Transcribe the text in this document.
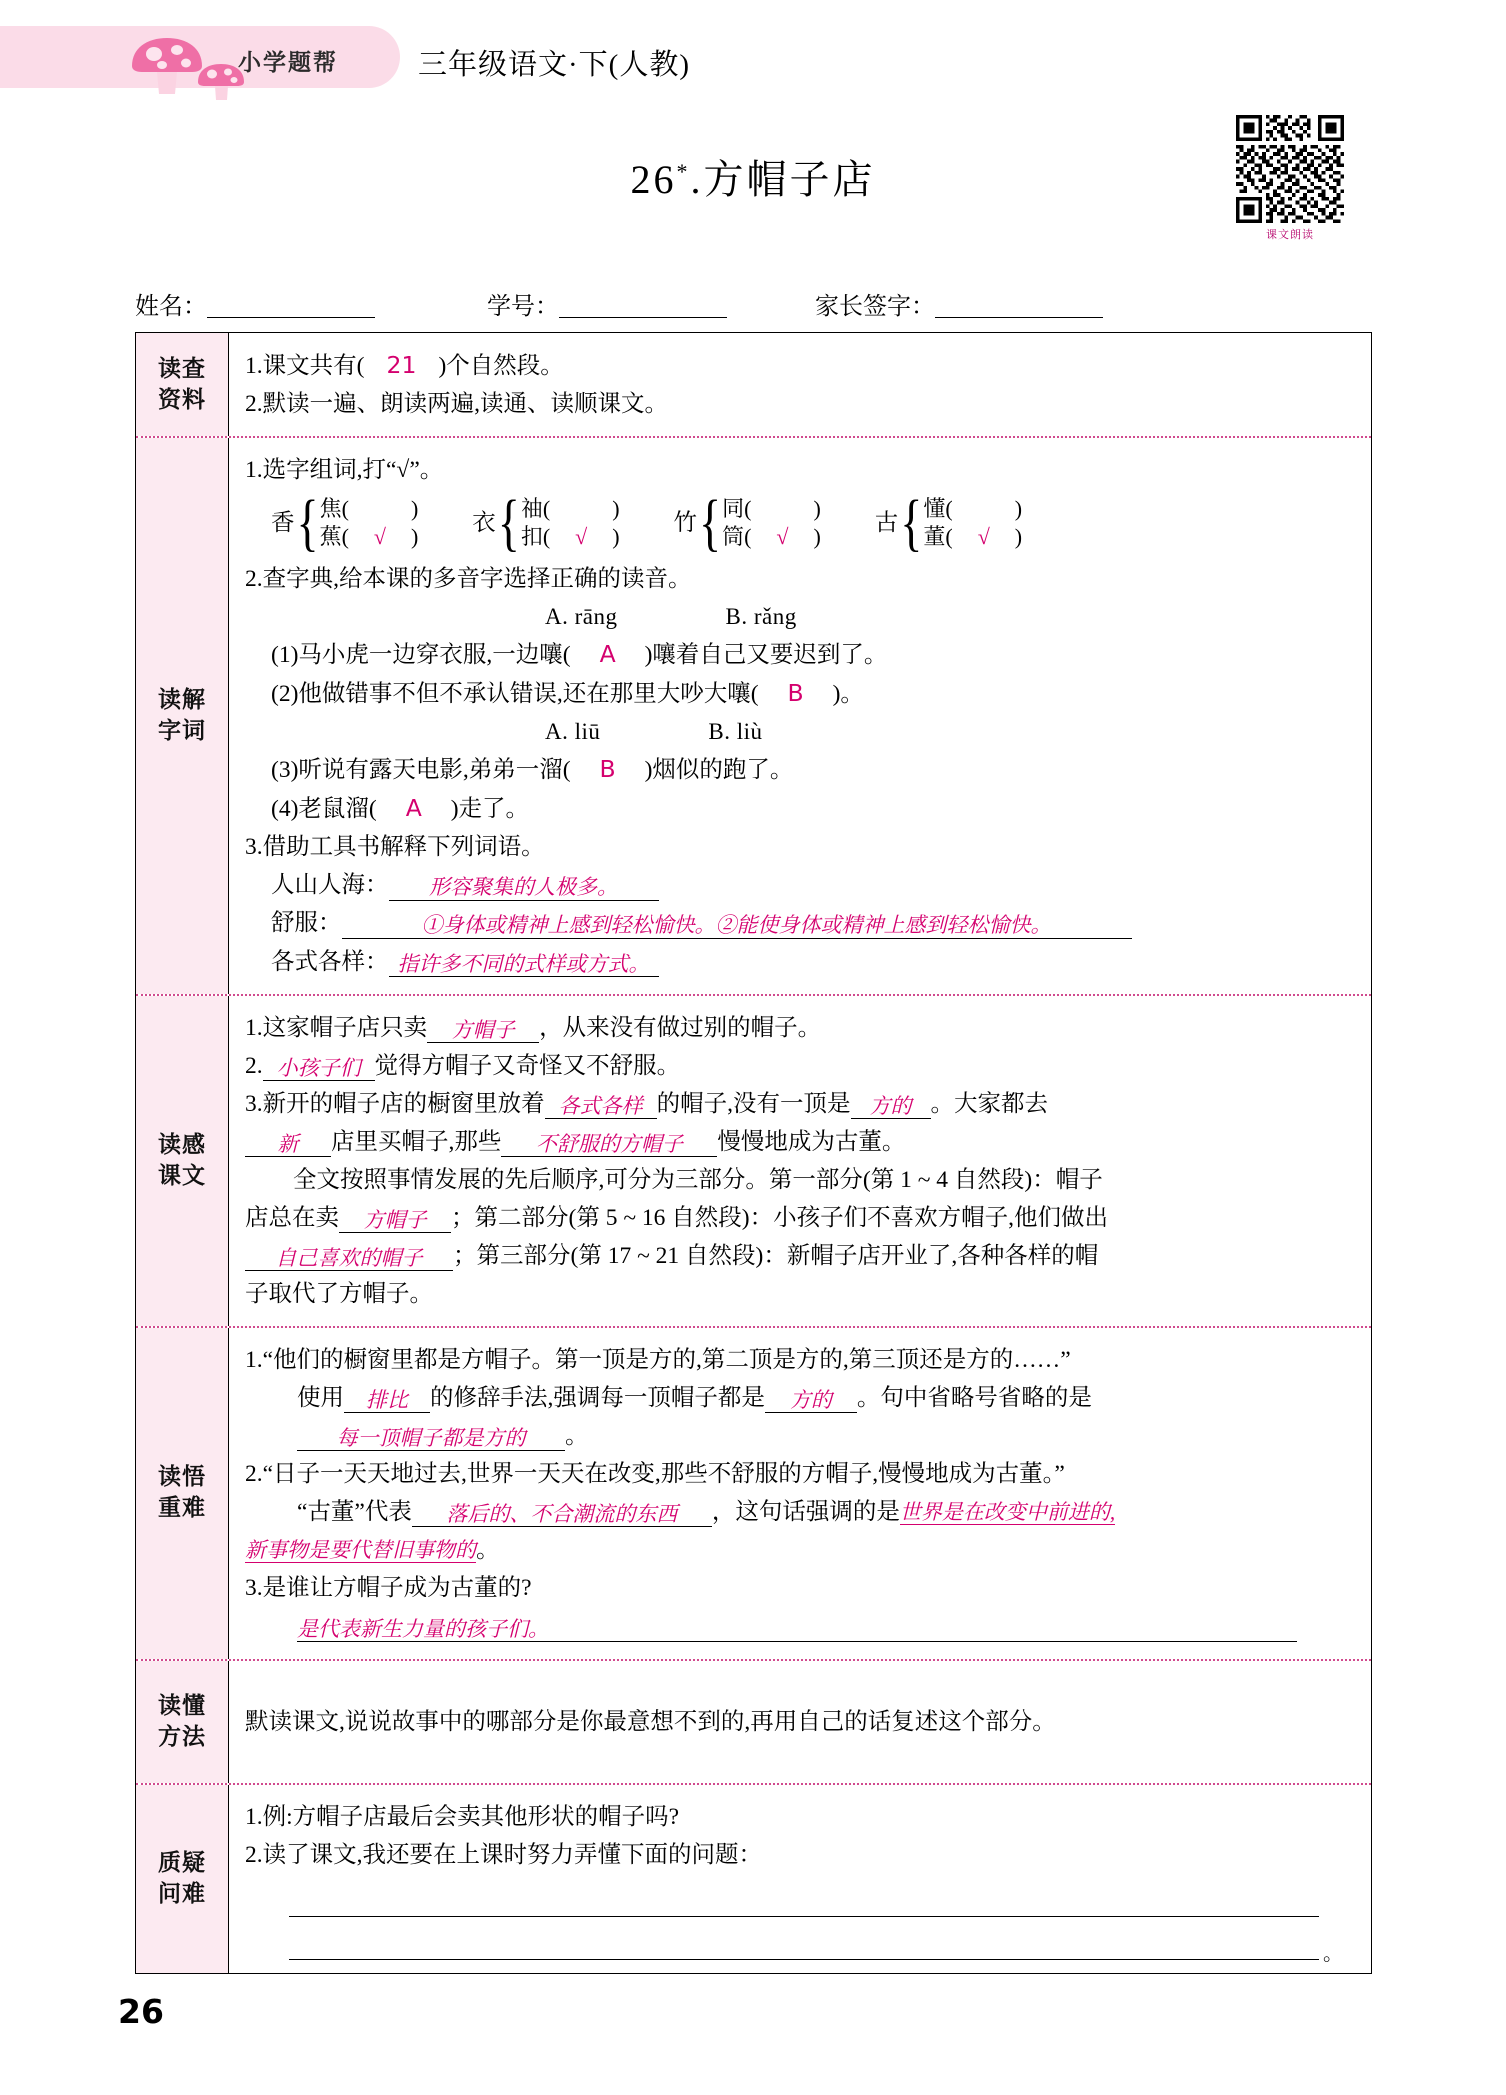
小学题帮	三年级语文·下(人教)
26*.方帽子店
课文朗读
姓名：	学号：	家长签字：
读查
资料
1.课文共有( 21 )个自然段。
2.默读一遍、朗读两遍,读通、读顺课文。
读解
字词
1.选字组词,打“√”。
香 { 焦(	)
蕉( √ )
衣 { 䄂(	)
扣( √ )
竹 { 同(	)
筒( √ )
古 { 懂(	)
董( √ )
2.查字典,给本课的多音字选择正确的读音。
A. rāng	B. rǎng
(1)马小虎一边穿衣服,一边嚷( A )嚷着自己又要迟到了。
(2)他做错事不但不承认错误,还在那里大吵大嚷( B )。
A. liū	B. liù
(3)听说有露天电影,弟弟一溜( B )烟似的跑了。
(4)老鼠溜( A )走了。
3.借助工具书解释下列词语。
人山人海： 形容聚集的人极多。
舒服：	①身体或精神上感到轻松愉快。②能使身体或精神上感到轻松愉快。
各式各样： 指许多不同的式样或方式。
读感
课文
1.这家帽子店只卖 方帽子 ，从来没有做过别的帽子。
2. 小孩子们 觉得方帽子又奇怪又不舒服。
3.新开的帽子店的橱窗里放着 各式各样 的帽子,没有一顶是 方的 。大家都去
新 店里买帽子,那些 不舒服的方帽子 慢慢地成为古董。
全文按照事情发展的先后顺序,可分为三部分。第一部分(第 1 ~ 4 自然段)：帽子
店总在卖 方帽子 ；第二部分(第 5 ~ 16 自然段)：小孩子们不喜欢方帽子,他们做出
自己喜欢的帽子 ；第三部分(第 17 ~ 21 自然段)：新帽子店开业了,各种各样的帽
子取代了方帽子。
读悟
重难
1.“他们的橱窗里都是方帽子。第一顶是方的,第二顶是方的,第三顶还是方的……”
使用 排比 的修辞手法,强调每一顶帽子都是 方的 。句中省略号省略的是
每一顶帽子都是方的 。
2.“日子一天天地过去,世界一天天在改变,那些不舒服的方帽子,慢慢地成为古董。”
“古董”代表 落后的、不合潮流的东西 ，这句话强调的是世界是在改变中前进的,
新事物是要代替旧事物的。
3.是谁让方帽子成为古董的?
是代表新生力量的孩子们。
读懂
方法
默读课文,说说故事中的哪部分是你最意想不到的,再用自己的话复述这个部分。
质疑
问难
1.例:方帽子店最后会卖其他形状的帽子吗?
2.读了课文,我还要在上课时努力弄懂下面的问题：
。
26
